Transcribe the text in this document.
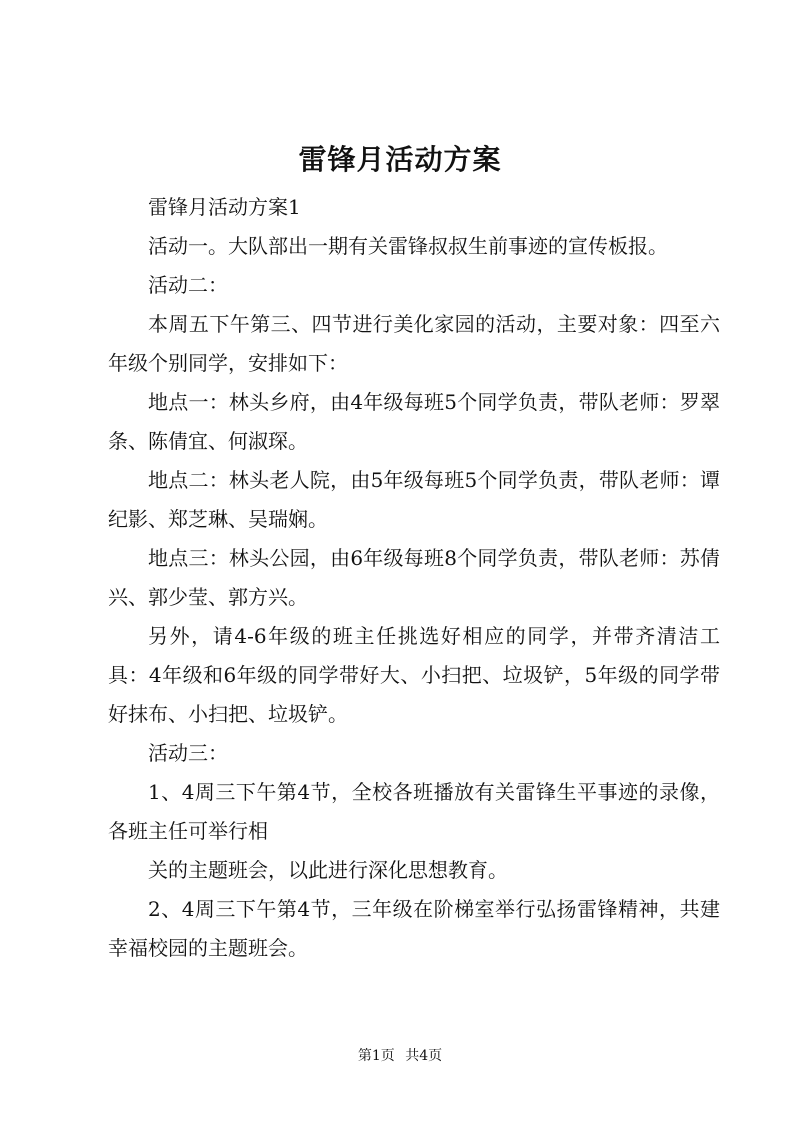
雷锋月活动方案

雷锋月活动方案1

活动一。大队部出一期有关雷锋叔叔生前事迹的宣传板报。

活动二：

本周五下午第三、四节进行美化家园的活动，主要对象：四至六年级个别同学，安排如下：

地点一：林头乡府，由4年级每班5个同学负责，带队老师：罗翠条、陈倩宜、何淑琛。

地点二：林头老人院，由5年级每班5个同学负责，带队老师：谭纪影、郑芝琳、吴瑞娴。

地点三：林头公园，由6年级每班8个同学负责，带队老师：苏倩兴、郭少莹、郭方兴。

另外，请4-6年级的班主任挑选好相应的同学，并带齐清洁工具：4年级和6年级的同学带好大、小扫把、垃圾铲，5年级的同学带好抹布、小扫把、垃圾铲。

活动三：

1、4周三下午第4节，全校各班播放有关雷锋生平事迹的录像，各班主任可举行相

关的主题班会，以此进行深化思想教育。

2、4周三下午第4节，三年级在阶梯室举行弘扬雷锋精神，共建幸福校园的主题班会。

第1页 共4页
